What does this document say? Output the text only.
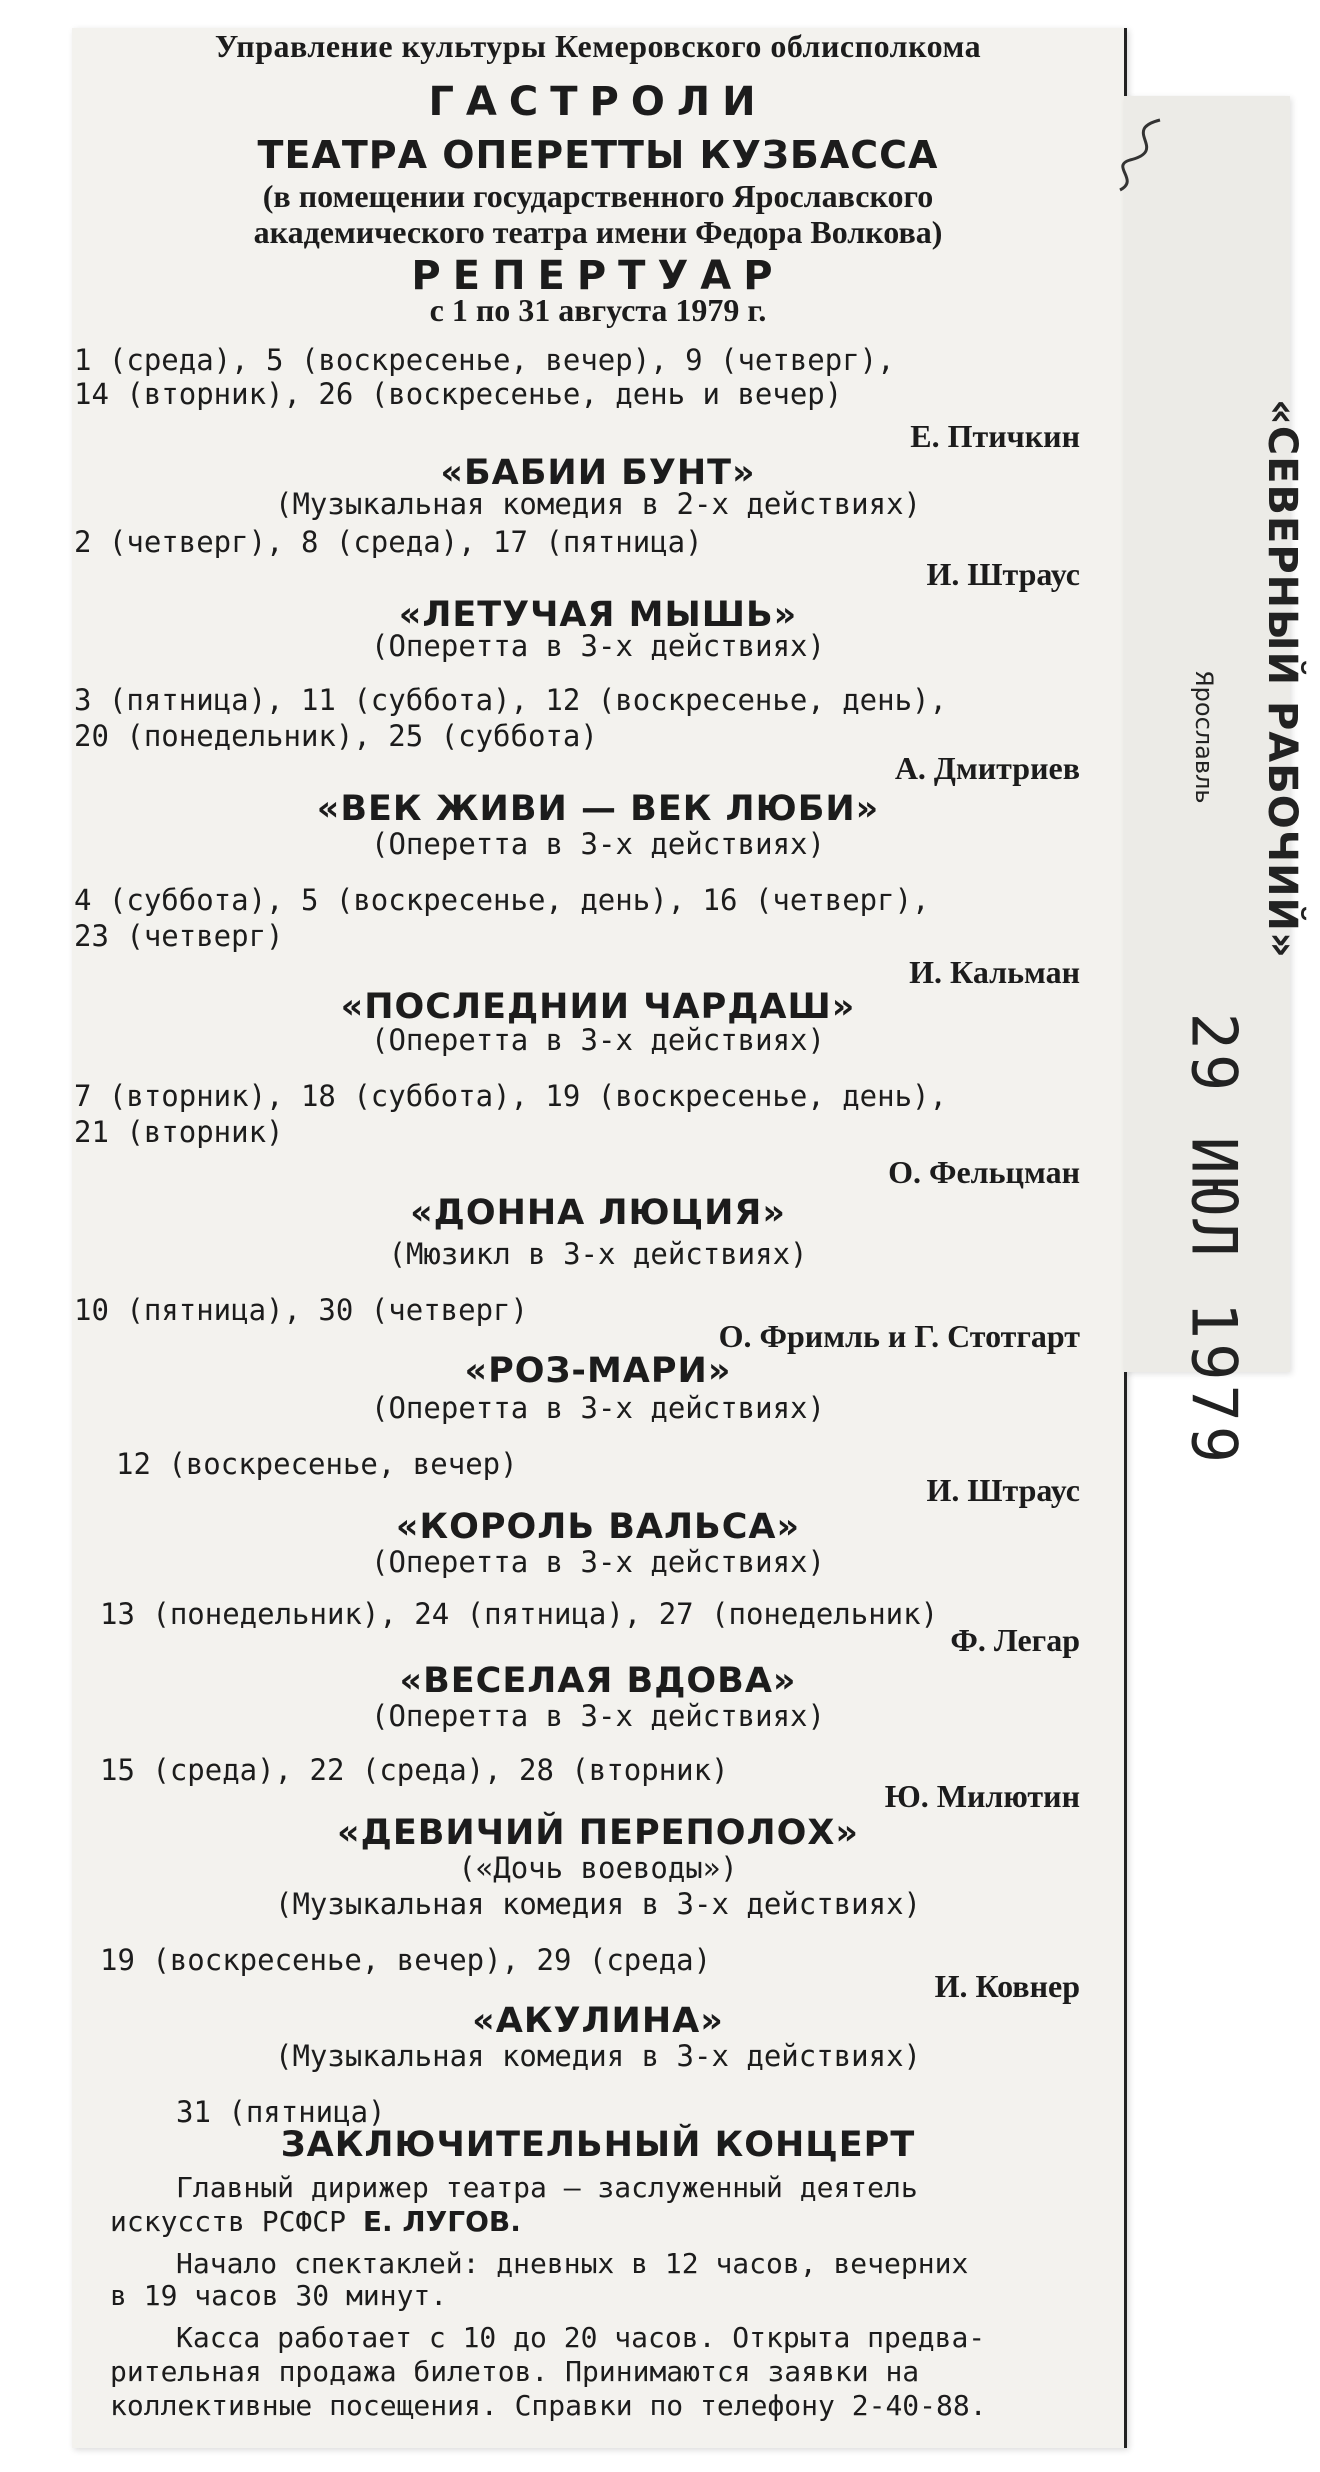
«СЕВЕРНЫЙ РАБОЧИЙ»
Ярославль
29 ИЮЛ 1979
Управление культуры Кемеровского облисполкома
ГАСТРОЛИ
ТЕАТРА ОПЕРЕТТЫ КУЗБАССА
(в помещении государственного Ярославского
академического театра имени Федора Волкова)
РЕПЕРТУАР
с 1 по 31 августа 1979 г.
1 (среда), 5 (воскресенье, вечер), 9 (четверг),
14 (вторник), 26 (воскресенье, день и вечер)
Е. Птичкин
«БАБИИ БУНТ»
(Музыкальная комедия в 2-х действиях)
2 (четверг), 8 (среда), 17 (пятница)
И. Штраус
«ЛЕТУЧАЯ МЫШЬ»
(Оперетта в 3-х действиях)
3 (пятница), 11 (суббота), 12 (воскресенье, день),
20 (понедельник), 25 (суббота)
А. Дмитриев
«ВЕК ЖИВИ — ВЕК ЛЮБИ»
(Оперетта в 3-х действиях)
4 (суббота), 5 (воскресенье, день), 16 (четверг),
23 (четверг)
И. Кальман
«ПОСЛЕДНИИ ЧАРДАШ»
(Оперетта в 3-х действиях)
7 (вторник), 18 (суббота), 19 (воскресенье, день),
21 (вторник)
О. Фельцман
«ДОННА ЛЮЦИЯ»
(Мюзикл в 3-х действиях)
10 (пятница), 30 (четверг)
О. Фримль и Г. Стотгарт
«РОЗ-МАРИ»
(Оперетта в 3-х действиях)
12 (воскресенье, вечер)
И. Штраус
«КОРОЛЬ ВАЛЬСА»
(Оперетта в 3-х действиях)
13 (понедельник), 24 (пятница), 27 (понедельник)
Ф. Легар
«ВЕСЕЛАЯ ВДОВА»
(Оперетта в 3-х действиях)
15 (среда), 22 (среда), 28 (вторник)
Ю. Милютин
«ДЕВИЧИЙ ПЕРЕПОЛОХ»
(«Дочь воеводы»)
(Музыкальная комедия в 3-х действиях)
19 (воскресенье, вечер), 29 (среда)
И. Ковнер
«АКУЛИНА»
(Музыкальная комедия в 3-х действиях)
31 (пятница)
ЗАКЛЮЧИТЕЛЬНЫЙ КОНЦЕРТ
Главный дирижер театра — заслуженный деятель
искусств РСФСР Е. ЛУГОВ.
Начало спектаклей: дневных в 12 часов, вечерних
в 19 часов 30 минут.
Касса работает с 10 до 20 часов. Открыта предва-
рительная продажа билетов. Принимаются заявки на
коллективные посещения. Справки по телефону 2-40-88.
